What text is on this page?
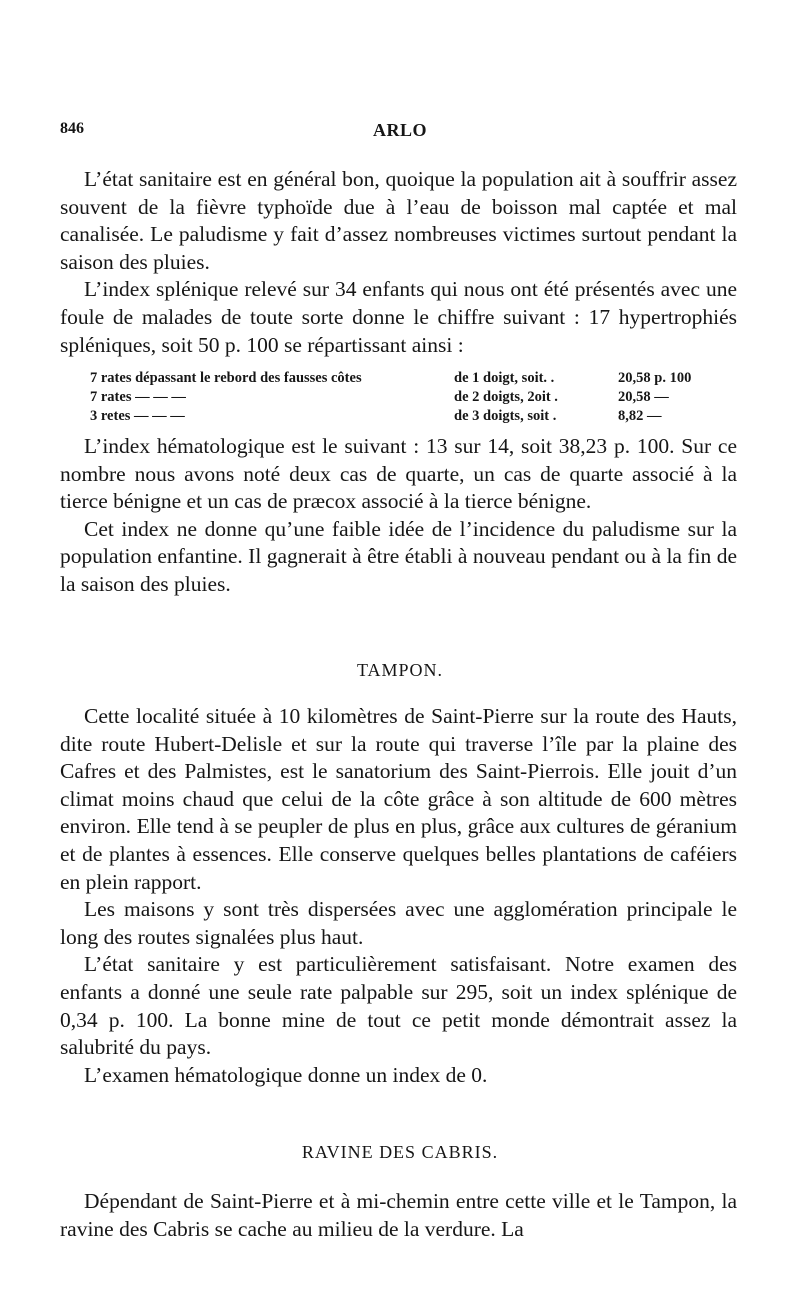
846	ARLO

L’état sanitaire est en général bon, quoique la population ait à souffrir assez souvent de la fièvre typhoïde due à l’eau de boisson mal captée et mal canalisée. Le paludisme y fait d’assez nombreuses victimes surtout pendant la saison des pluies.

L’index splénique relevé sur 34 enfants qui nous ont été présentés avec une foule de malades de toute sorte donne le chiffre suivant : 17 hypertrophiés spléniques, soit 50 p. 100 se répartissant ainsi :

7 rates dépassant le rebord des fausses côtes	de 1 doigt, soit. .	20,58 p. 100
7 rates — — —	de 2 doigts, 2oit .	20,58 —
3 retes — — —	de 3 doigts, soit .	8,82 —

L’index hématologique est le suivant : 13 sur 14, soit 38,23 p. 100. Sur ce nombre nous avons noté deux cas de quarte, un cas de quarte associé à la tierce bénigne et un cas de præcox associé à la tierce bénigne.

Cet index ne donne qu’une faible idée de l’incidence du paludisme sur la population enfantine. Il gagnerait à être établi à nouveau pendant ou à la fin de la saison des pluies.

TAMPON.

Cette localité située à 10 kilomètres de Saint-Pierre sur la route des Hauts, dite route Hubert-Delisle et sur la route qui traverse l’île par la plaine des Cafres et des Palmistes, est le sanatorium des Saint-Pierrois. Elle jouit d’un climat moins chaud que celui de la côte grâce à son altitude de 600 mètres environ. Elle tend à se peupler de plus en plus, grâce aux cultures de géranium et de plantes à essences. Elle conserve quelques belles plantations de caféiers en plein rapport.

Les maisons y sont très dispersées avec une agglomération principale le long des routes signalées plus haut.

L’état sanitaire y est particulièrement satisfaisant. Notre examen des enfants a donné une seule rate palpable sur 295, soit un index splénique de 0,34 p. 100. La bonne mine de tout ce petit monde démontrait assez la salubrité du pays.

L’examen hématologique donne un index de 0.

RAVINE DES CABRIS.

Dépendant de Saint-Pierre et à mi-chemin entre cette ville et le Tampon, la ravine des Cabris se cache au milieu de la verdure. La
